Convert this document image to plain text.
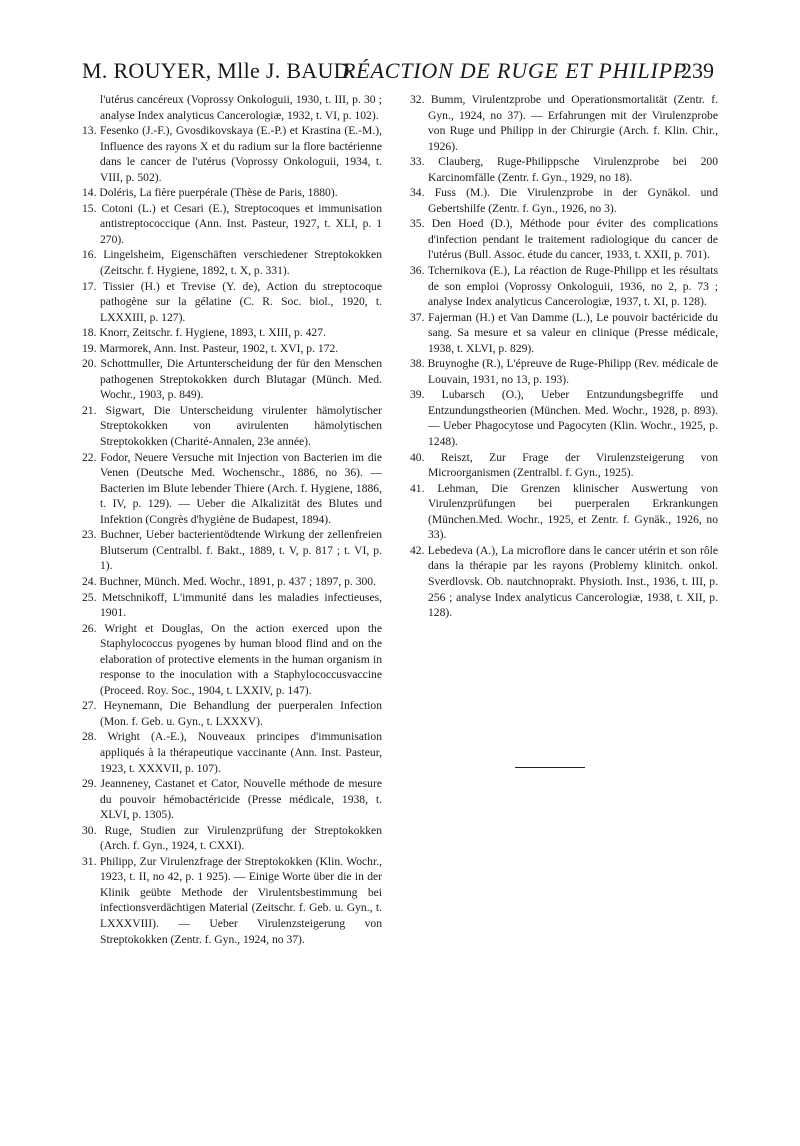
M. ROUYER, Mlle J. BAUD.
RÉACTION DE RUGE ET PHILIPP
239

l'utérus cancéreux (Voprossy Onkologuii, 1930, t. III, p. 30 ; analyse Index analyticus Cancerologiæ, 1932, t. VI, p. 102).

13. Fesenko (J.-F.), Gvosdikovskaya (E.-P.) et Krastina (E.-M.), Influence des rayons X et du radium sur la flore bactérienne dans le cancer de l'utérus (Voprossy Onkologuii, 1934, t. VIII, p. 502).

14. Doléris, La fière puerpérale (Thèse de Paris, 1880).

15. Cotoni (L.) et Cesari (E.), Streptocoques et immunisation antistreptococcique (Ann. Inst. Pasteur, 1927, t. XLI, p. 1 270).

16. Lingelsheim, Eigenschäften verschiedener Streptokokken (Zeitschr. f. Hygiene, 1892, t. X, p. 331).

17. Tissier (H.) et Trevise (Y. de), Action du streptocoque pathogène sur la gélatine (C. R. Soc. biol., 1920, t. LXXXIII, p. 127).

18. Knorr, Zeitschr. f. Hygiene, 1893, t. XIII, p. 427.

19. Marmorek, Ann. Inst. Pasteur, 1902, t. XVI, p. 172.

20. Schottmuller, Die Artunterscheidung der für den Menschen pathogenen Streptokokken durch Blutagar (Münch. Med. Wochr., 1903, p. 849).

21. Sigwart, Die Unterscheidung virulenter hämolytischer Streptokokken von avirulenten hämolytischen Streptokokken (Charité-Annalen, 23e année).

22. Fodor, Neuere Versuche mit Injection von Bacterien im die Venen (Deutsche Med. Wochenschr., 1886, no 36). — Bacterien im Blute lebender Thiere (Arch. f. Hygiene, 1886, t. IV, p. 129). — Ueber die Alkalizität des Blutes und Infektion (Congrès d'hygiène de Budapest, 1894).

23. Buchner, Ueber bacterientödtende Wirkung der zellenfreien Blutserum (Centralbl. f. Bakt., 1889, t. V, p. 817 ; t. VI, p. 1).

24. Buchner, Münch. Med. Wochr., 1891, p. 437 ; 1897, p. 300.

25. Metschnikoff, L'immunité dans les maladies infectieuses, 1901.

26. Wright et Douglas, On the action exerced upon the Staphylococcus pyogenes by human blood flind and on the elaboration of protective elements in the human organism in response to the inoculation with a Staphylococcusvaccine (Proceed. Roy. Soc., 1904, t. LXXIV, p. 147).

27. Heynemann, Die Behandlung der puerperalen Infection (Mon. f. Geb. u. Gyn., t. LXXXV).

28. Wright (A.-E.), Nouveaux principes d'immunisation appliqués à la thérapeutique vaccinante (Ann. Inst. Pasteur, 1923, t. XXXVII, p. 107).

29. Jeanneney, Castanet et Cator, Nouvelle méthode de mesure du pouvoir hémobactéricide (Presse médicale, 1938, t. XLVI, p. 1305).

30. Ruge, Studien zur Virulenzprüfung der Streptokokken (Arch. f. Gyn., 1924, t. CXXI).

31. Philipp, Zur Virulenzfrage der Streptokokken (Klin. Wochr., 1923, t. II, no 42, p. 1 925). — Einige Worte über die in der Klinik geübte Methode der Virulentsbestimmung bei infectionsverdächtigen Material (Zeitschr. f. Geb. u. Gyn., t. LXXXVIII). — Ueber Virulenzsteigerung von Streptokokken (Zentr. f. Gyn., 1924, no 37).

32. Bumm, Virulentzprobe und Operationsmortalität (Zentr. f. Gyn., 1924, no 37). — Erfahrungen mit der Virulenzprobe von Ruge und Philipp in der Chirurgie (Arch. f. Klin. Chir., 1926).

33. Clauberg, Ruge-Philippsche Virulenzprobe bei 200 Karcinomfälle (Zentr. f. Gyn., 1929, no 18).

34. Fuss (M.). Die Virulenzprobe in der Gynäkol. und Gebertshilfe (Zentr. f. Gyn., 1926, no 3).

35. Den Hoed (D.), Méthode pour éviter des complications d'infection pendant le traitement radiologique du cancer de l'utérus (Bull. Assoc. étude du cancer, 1933, t. XXII, p. 701).

36. Tchernikova (E.), La réaction de Ruge-Philipp et les résultats de son emploi (Voprossy Onkologuii, 1936, no 2, p. 73 ; analyse Index analyticus Cancerologiæ, 1937, t. XI, p. 128).

37. Fajerman (H.) et Van Damme (L.), Le pouvoir bactéricide du sang. Sa mesure et sa valeur en clinique (Presse médicale, 1938, t. XLVI, p. 829).

38. Bruynoghe (R.), L'épreuve de Ruge-Philipp (Rev. médicale de Louvain, 1931, no 13, p. 193).

39. Lubarsch (O.), Ueber Entzundungsbegriffe und Entzundungstheorien (München. Med. Wochr., 1928, p. 893). — Ueber Phagocytose und Pagocyten (Klin. Wochr., 1925, p. 1248).

40. Reiszt, Zur Frage der Virulenzsteigerung von Microorganismen (Zentralbl. f. Gyn., 1925).

41. Lehman, Die Grenzen klinischer Auswertung von Virulenzprüfungen bei puerperalen Erkrankungen (München.Med. Wochr., 1925, et Zentr. f. Gynäk., 1926, no 33).

42. Lebedeva (A.), La microflore dans le cancer utérin et son rôle dans la thérapie par les rayons (Problemy klinitch. onkol. Sverdlovsk. Ob. nautchnoprakt. Physioth. Inst., 1936, t. III, p. 256 ; analyse Index analyticus Cancerologiæ, 1938, t. XII, p. 128).
